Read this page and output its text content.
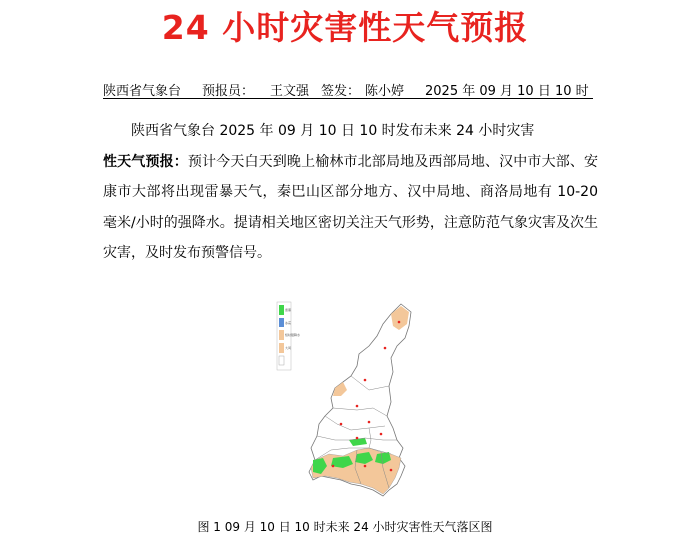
24 小时灾害性天气预报
陕西省气象台 预报员： 王文强 签发： 陈小婷 2025 年 09 月 10 日 10 时

陕西省气象台 2025 年 09 月 10 日 10 时发布未来 24 小时灾害

性天气预报：预计今天白天到晚上榆林市北部局地及西部局地、汉中市大部、安康市大部将出现雷暴天气，秦巴山区部分地方、汉中局地、商洛局地有 10-20 毫米/小时的强降水。提请相关地区密切关注天气形势，注意防范气象灾害及次生灾害，及时发布预警信号。

雷暴
冰雹
短时强降水
大风
图 1 09 月 10 日 10 时未来 24 小时灾害性天气落区图
